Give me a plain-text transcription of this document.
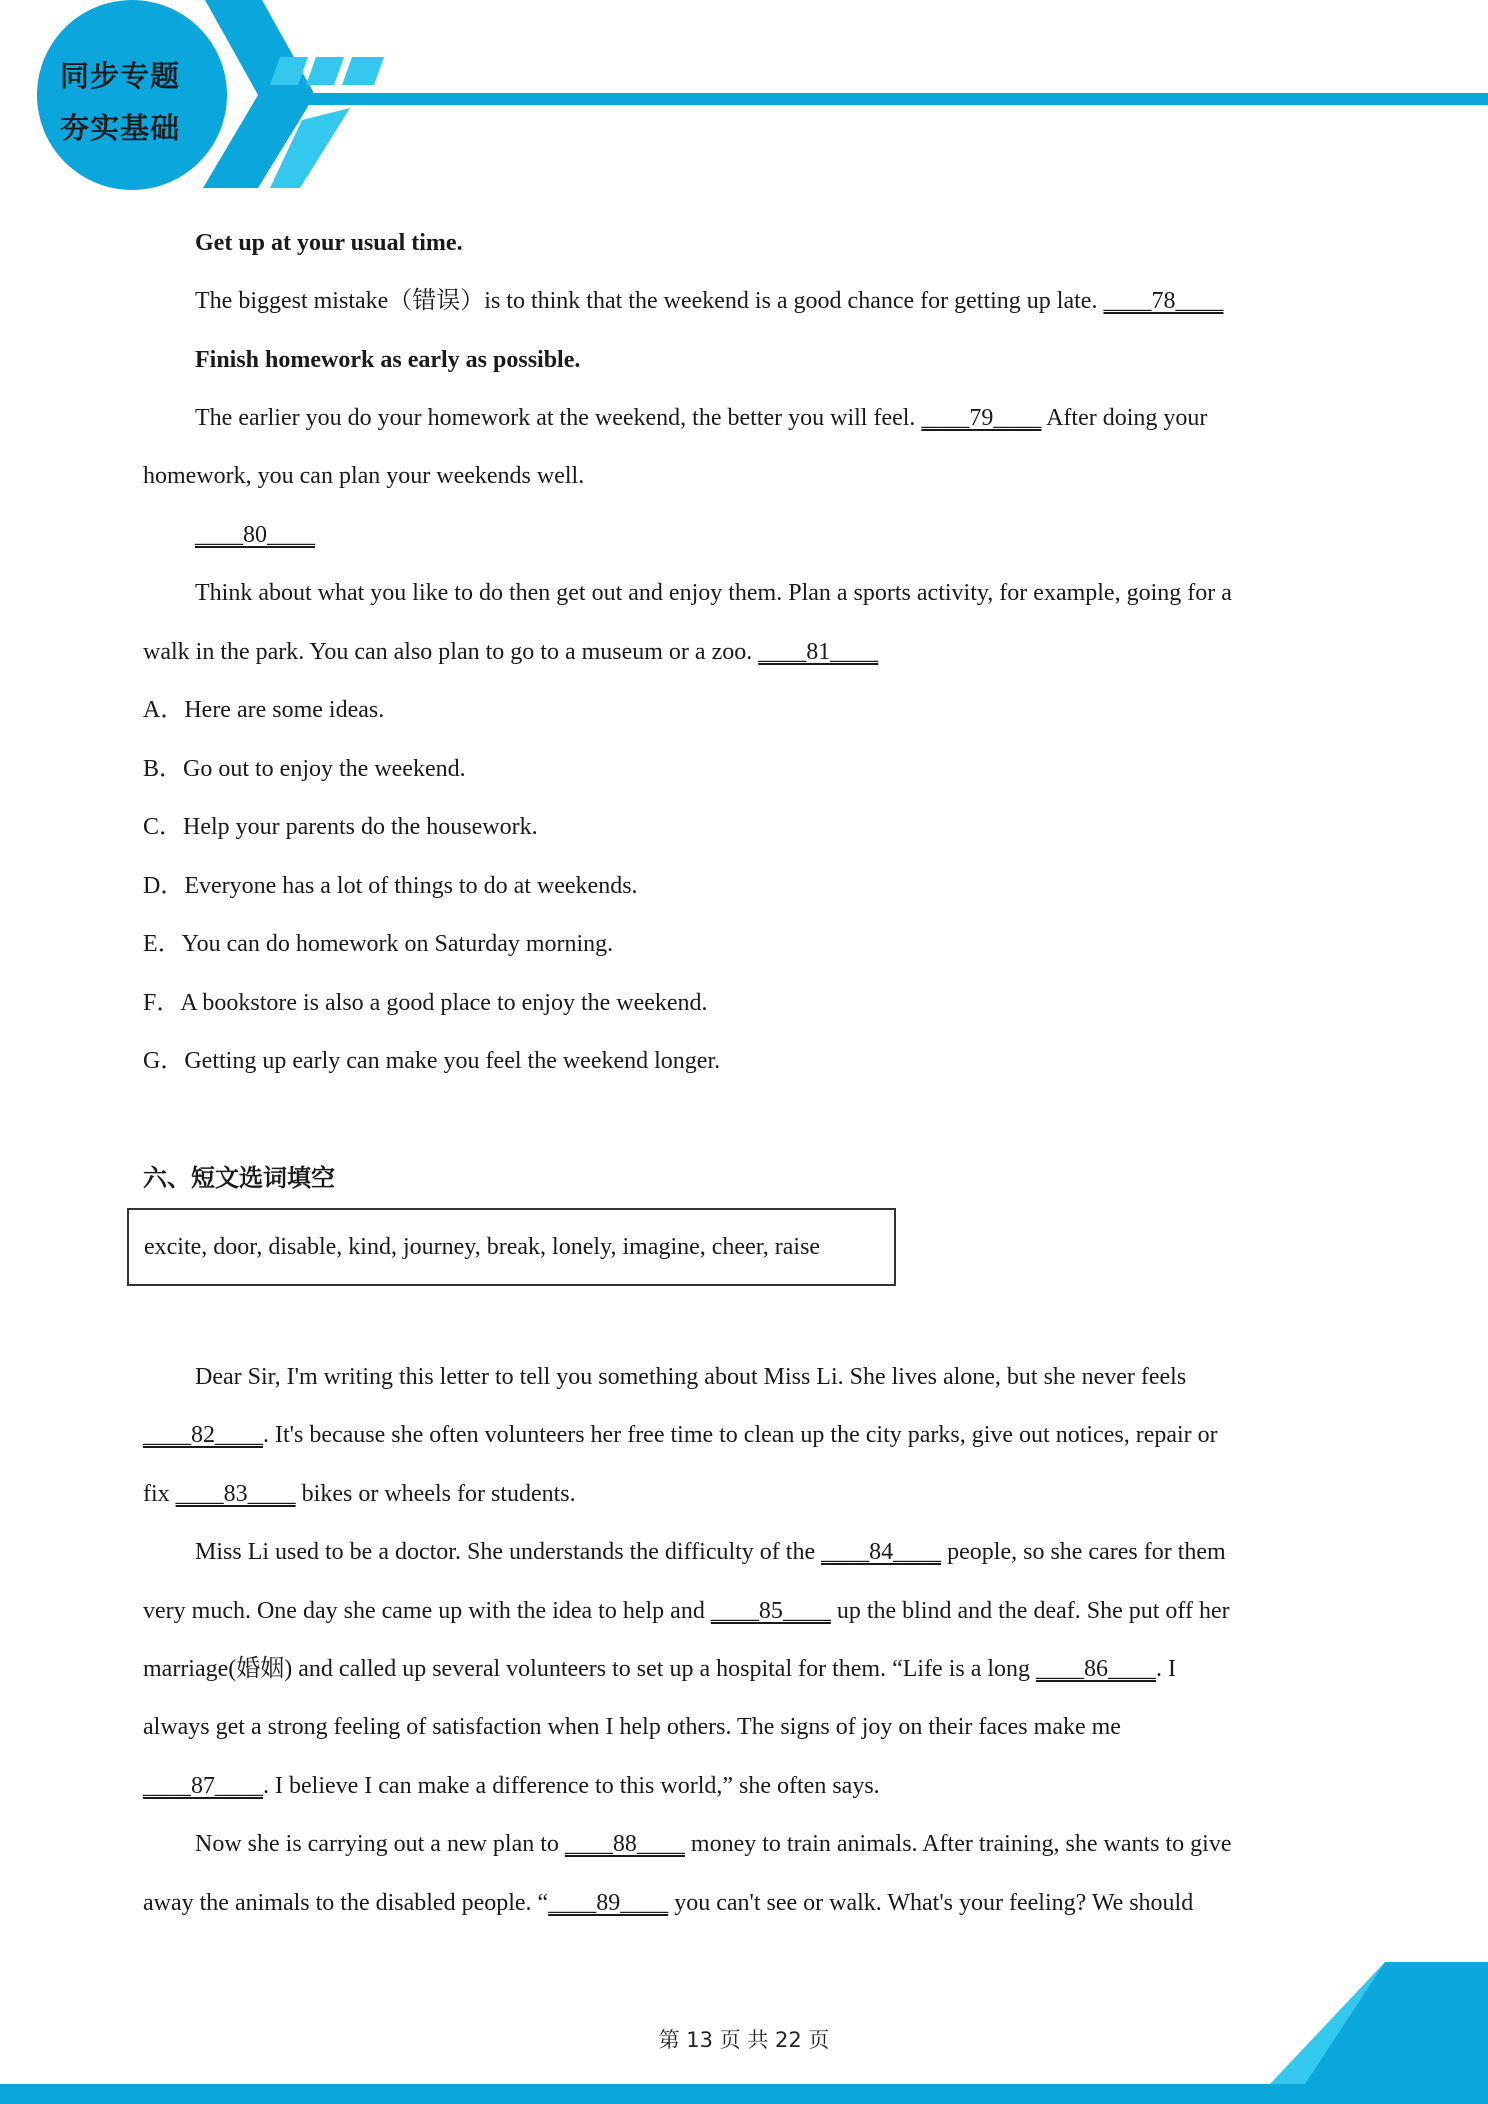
同步专题
夯实基础
Get up at your usual time.
The biggest mistake（错误）is to think that the weekend is a good chance for getting up late. ____78____
Finish homework as early as possible.
The earlier you do your homework at the weekend, the better you will feel. ____79____ After doing your
homework, you can plan your weekends well.
____80____
Think about what you like to do then get out and enjoy them. Plan a sports activity, for example, going for a
walk in the park. You can also plan to go to a museum or a zoo. ____81____
A．Here are some ideas.
B．Go out to enjoy the weekend.
C．Help your parents do the housework.
D．Everyone has a lot of things to do at weekends.
E．You can do homework on Saturday morning.
F．A bookstore is also a good place to enjoy the weekend.
G．Getting up early can make you feel the weekend longer.
六、短文选词填空
excite, door, disable, kind, journey, break, lonely, imagine, cheer, raise
Dear Sir, I'm writing this letter to tell you something about Miss Li. She lives alone, but she never feels
____82____. It's because she often volunteers her free time to clean up the city parks, give out notices, repair or
fix ____83____ bikes or wheels for students.
Miss Li used to be a doctor. She understands the difficulty of the ____84____ people, so she cares for them
very much. One day she came up with the idea to help and ____85____ up the blind and the deaf. She put off her
marriage(婚姻) and called up several volunteers to set up a hospital for them. “Life is a long ____86____. I
always get a strong feeling of satisfaction when I help others. The signs of joy on their faces make me
____87____. I believe I can make a difference to this world,” she often says.
Now she is carrying out a new plan to ____88____ money to train animals. After training, she wants to give
away the animals to the disabled people. “____89____ you can't see or walk. What's your feeling? We should
第 13 页 共 22 页
